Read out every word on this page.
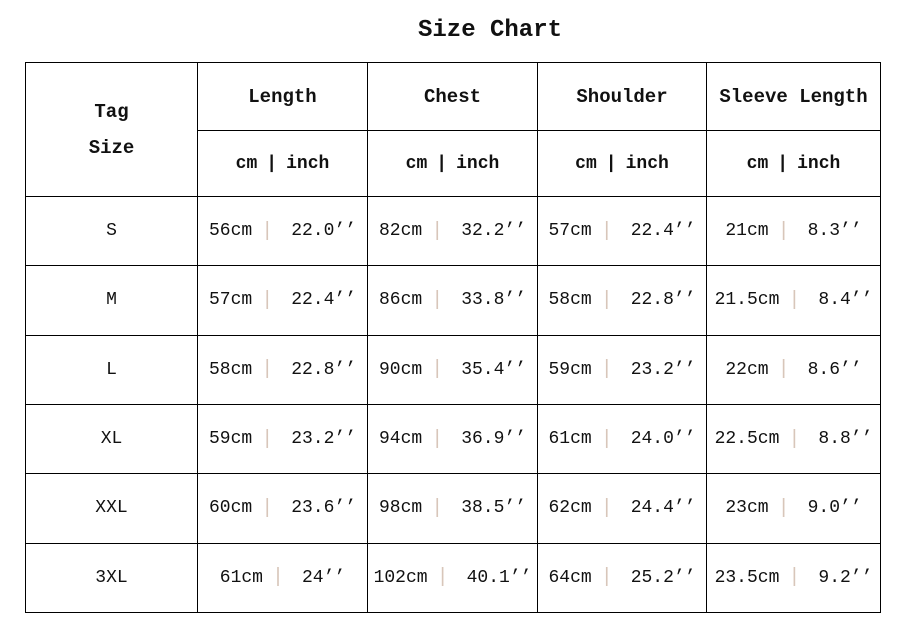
Size Chart
Tag
Size	Length	Chest	Shoulder	Sleeve Length

	cm | inch	cm | inch	cm | inch	cm | inch

S	56cm | 22.0’’	82cm | 32.2’’	57cm | 22.4’’	21cm | 8.3’’

M	57cm | 22.4’’	86cm | 33.8’’	58cm | 22.8’’	21.5cm | 8.4’’

L	58cm | 22.8’’	90cm | 35.4’’	59cm | 23.2’’	22cm | 8.6’’

XL	59cm | 23.2’’	94cm | 36.9’’	61cm | 24.0’’	22.5cm | 8.8’’

XXL	60cm | 23.6’’	98cm | 38.5’’	62cm | 24.4’’	23cm | 9.0’’

3XL	61cm | 24’’	102cm | 40.1’’	64cm | 25.2’’	23.5cm | 9.2’’
